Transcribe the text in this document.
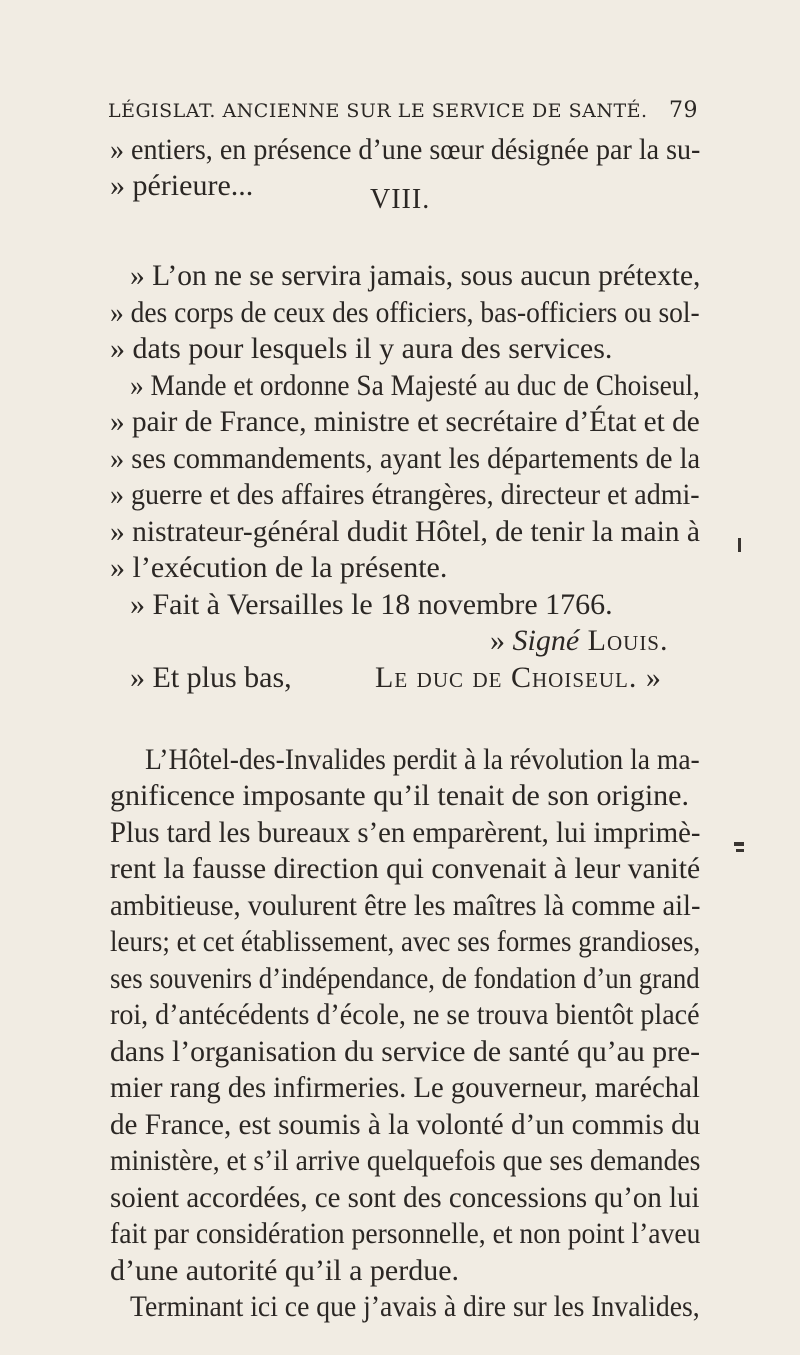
LÉGISLAT. ANCIENNE SUR LE SERVICE DE SANTÉ. 79
» entiers, en présence d’une sœur désignée par la su-
» périeure...	VIII.
» L’on ne se servira jamais, sous aucun prétexte,
» des corps de ceux des officiers, bas-officiers ou sol-
» dats pour lesquels il y aura des services.
» Mande et ordonne Sa Majesté au duc de Choiseul,
» pair de France, ministre et secrétaire d’État et de
» ses commandements, ayant les départements de la
» guerre et des affaires étrangères, directeur et admi-
» nistrateur-général dudit Hôtel, de tenir la main à
» l’exécution de la présente.
» Fait à Versailles le 18 novembre 1766.
» Signé Louis.
» Et plus bas,	Le duc de Choiseul. »
L’Hôtel-des-Invalides perdit à la révolution la ma-
gnificence imposante qu’il tenait de son origine.
Plus tard les bureaux s’en emparèrent, lui imprimè-
rent la fausse direction qui convenait à leur vanité
ambitieuse, voulurent être les maîtres là comme ail-
leurs; et cet établissement, avec ses formes grandioses,
ses souvenirs d’indépendance, de fondation d’un grand
roi, d’antécédents d’école, ne se trouva bientôt placé
dans l’organisation du service de santé qu’au pre-
mier rang des infirmeries. Le gouverneur, maréchal
de France, est soumis à la volonté d’un commis du
ministère, et s’il arrive quelquefois que ses demandes
soient accordées, ce sont des concessions qu’on lui
fait par considération personnelle, et non point l’aveu
d’une autorité qu’il a perdue.
Terminant ici ce que j’avais à dire sur les Invalides,
